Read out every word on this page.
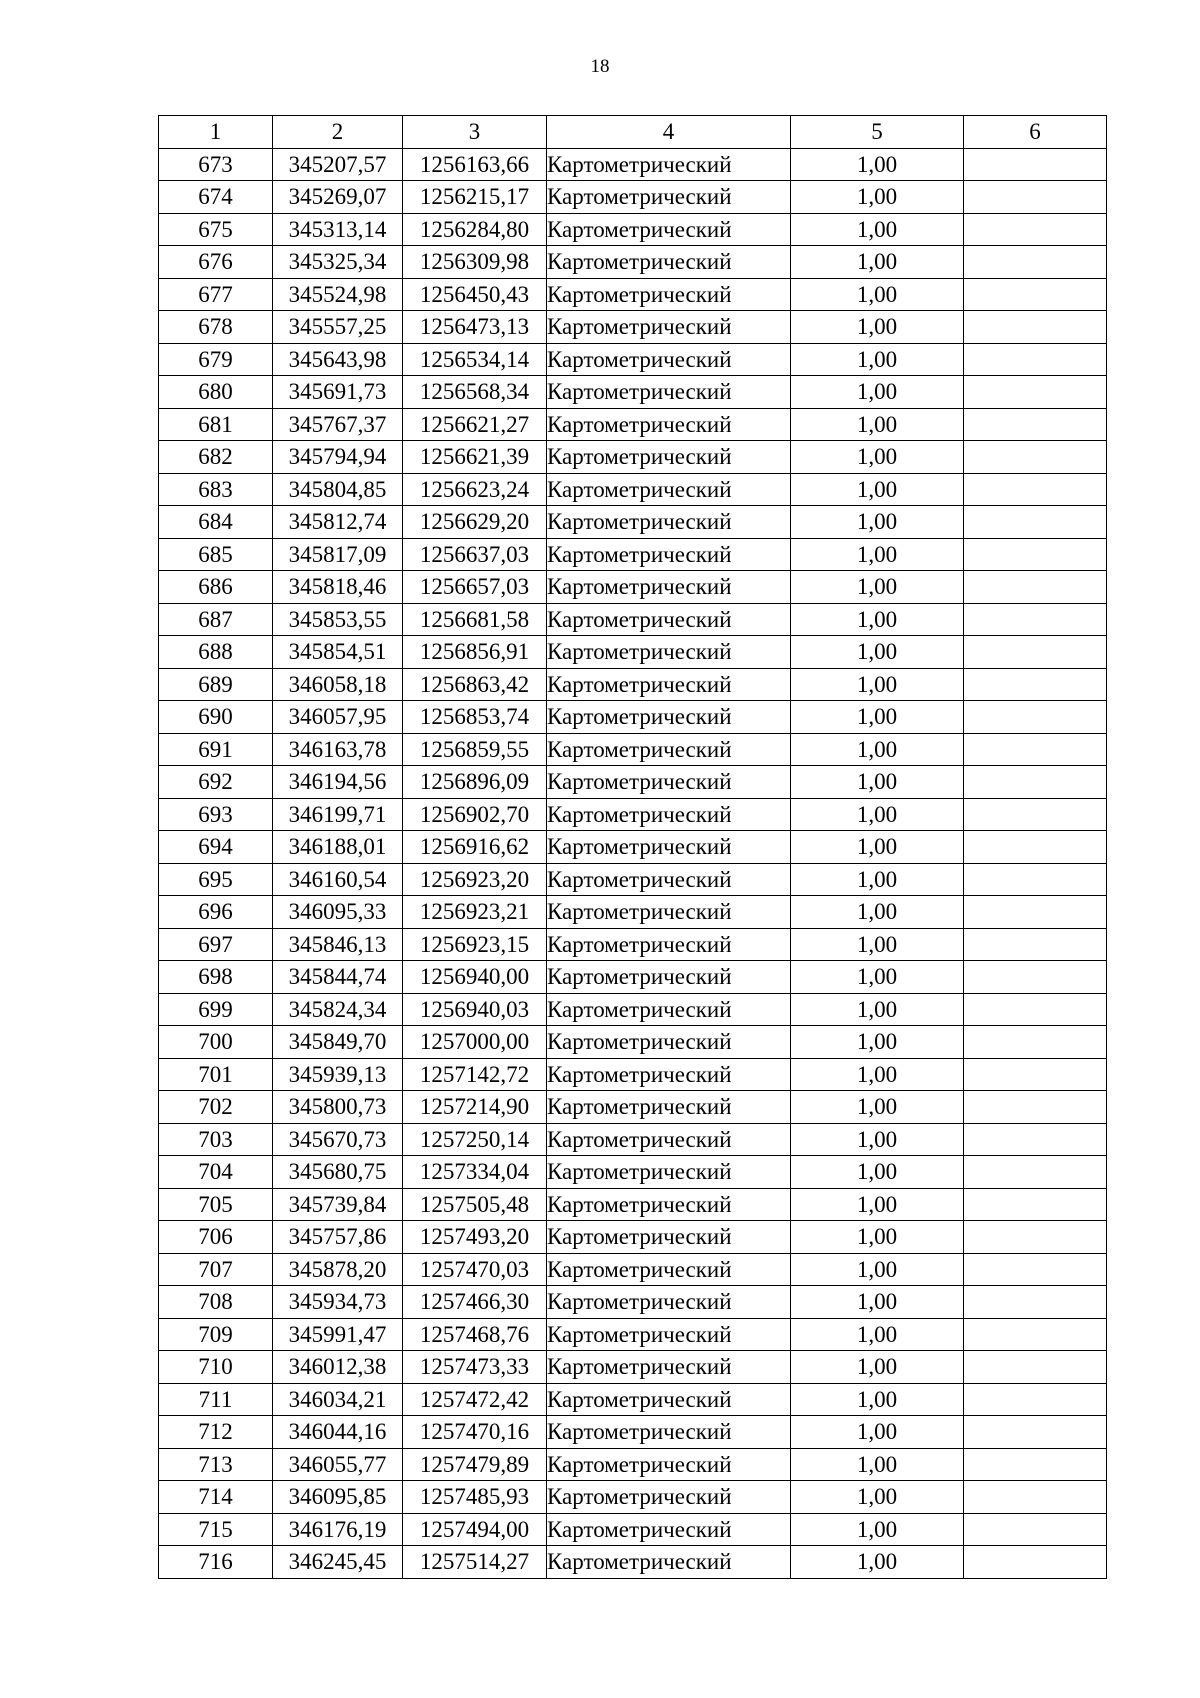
18
1	2	3	4	5	6
673	345207,57	1256163,66	Картометрический	1,00	
674	345269,07	1256215,17	Картометрический	1,00	
675	345313,14	1256284,80	Картометрический	1,00	
676	345325,34	1256309,98	Картометрический	1,00	
677	345524,98	1256450,43	Картометрический	1,00	
678	345557,25	1256473,13	Картометрический	1,00	
679	345643,98	1256534,14	Картометрический	1,00	
680	345691,73	1256568,34	Картометрический	1,00	
681	345767,37	1256621,27	Картометрический	1,00	
682	345794,94	1256621,39	Картометрический	1,00	
683	345804,85	1256623,24	Картометрический	1,00	
684	345812,74	1256629,20	Картометрический	1,00	
685	345817,09	1256637,03	Картометрический	1,00	
686	345818,46	1256657,03	Картометрический	1,00	
687	345853,55	1256681,58	Картометрический	1,00	
688	345854,51	1256856,91	Картометрический	1,00	
689	346058,18	1256863,42	Картометрический	1,00	
690	346057,95	1256853,74	Картометрический	1,00	
691	346163,78	1256859,55	Картометрический	1,00	
692	346194,56	1256896,09	Картометрический	1,00	
693	346199,71	1256902,70	Картометрический	1,00	
694	346188,01	1256916,62	Картометрический	1,00	
695	346160,54	1256923,20	Картометрический	1,00	
696	346095,33	1256923,21	Картометрический	1,00	
697	345846,13	1256923,15	Картометрический	1,00	
698	345844,74	1256940,00	Картометрический	1,00	
699	345824,34	1256940,03	Картометрический	1,00	
700	345849,70	1257000,00	Картометрический	1,00	
701	345939,13	1257142,72	Картометрический	1,00	
702	345800,73	1257214,90	Картометрический	1,00	
703	345670,73	1257250,14	Картометрический	1,00	
704	345680,75	1257334,04	Картометрический	1,00	
705	345739,84	1257505,48	Картометрический	1,00	
706	345757,86	1257493,20	Картометрический	1,00	
707	345878,20	1257470,03	Картометрический	1,00	
708	345934,73	1257466,30	Картометрический	1,00	
709	345991,47	1257468,76	Картометрический	1,00	
710	346012,38	1257473,33	Картометрический	1,00	
711	346034,21	1257472,42	Картометрический	1,00	
712	346044,16	1257470,16	Картометрический	1,00	
713	346055,77	1257479,89	Картометрический	1,00	
714	346095,85	1257485,93	Картометрический	1,00	
715	346176,19	1257494,00	Картометрический	1,00	
716	346245,45	1257514,27	Картометрический	1,00	
